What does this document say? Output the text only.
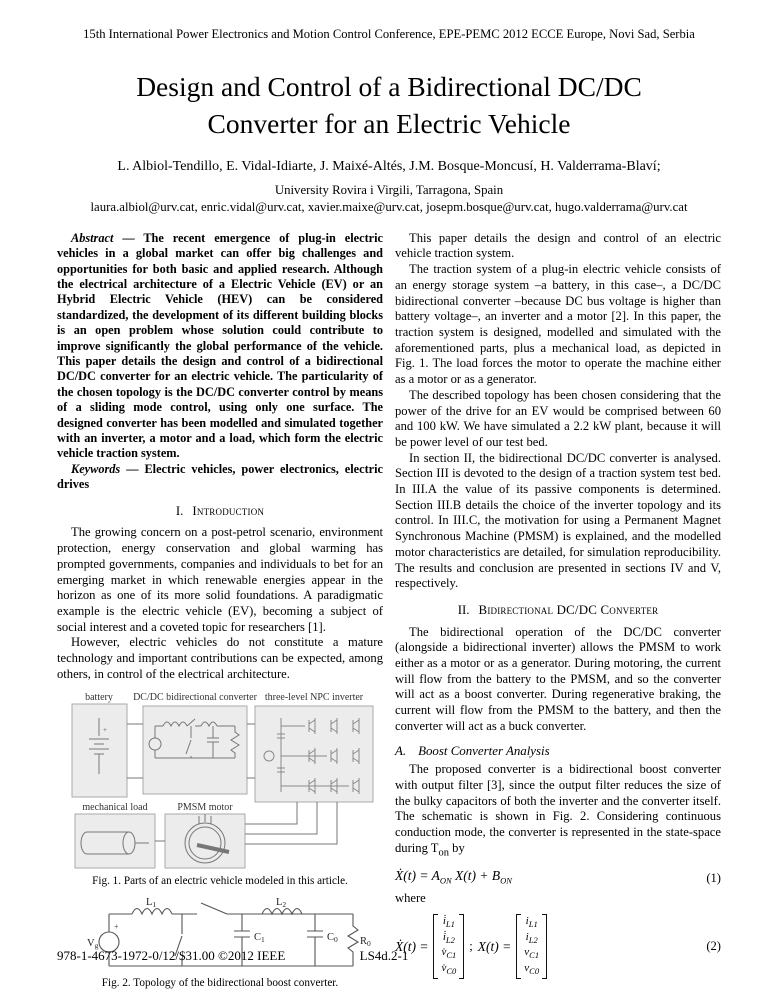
15th International Power Electronics and Motion Control Conference, EPE-PEMC 2012 ECCE Europe, Novi Sad, Serbia
Design and Control of a Bidirectional DC/DC
Converter for an Electric Vehicle
L. Albiol-Tendillo, E. Vidal-Idiarte, J. Maixé-Altés, J.M. Bosque-Moncusí, H. Valderrama-Blaví;
University Rovira i Virgili, Tarragona, Spain
laura.albiol@urv.cat, enric.vidal@urv.cat, xavier.maixe@urv.cat, josepm.bosque@urv.cat, hugo.valderrama@urv.cat

Abstract — The recent emergence of plug-in electric vehicles in a global market can offer big challenges and opportunities for both basic and applied research. Although the electrical architecture of a Electric Vehicle (EV) or an Hybrid Electric Vehicle (HEV) can be considered standardized, the development of its different building blocks is an open problem whose solution could contribute to improve significantly the global performance of the vehicle. This paper details the design and control of a bidirectional DC/DC converter for an electric vehicle. The particularity of the chosen topology is the DC/DC converter control by means of a sliding mode control, using only one surface. The designed converter has been modelled and simulated together with an inverter, a motor and a load, which form the electric vehicle traction system.

Keywords — Electric vehicles, power electronics, electric drives

I. Introduction

The growing concern on a post-petrol scenario, environment protection, energy conservation and global warming has prompted governments, companies and individuals to bet for an emerging market in which renewable energies appear in the horizon as one of its more solid foundations. A paradigmatic example is the electric vehicle (EV), becoming a subject of social interest and a coveted topic for researchers [1].

However, electric vehicles do not constitute a mature technology and important contributions can be expected, among others, in control of the electrical architecture.

battery DC/DC bidirectional converter three-level NPC inverter
mechanical load	PMSM motor
+
Fig. 1. Parts of an electric vehicle modeled in this article.
+
Vg
L1	L2
C1	C0 R0
Fig. 2. Topology of the bidirectional boost converter.

This paper details the design and control of an electric vehicle traction system.

The traction system of a plug-in electric vehicle consists of an energy storage system –a battery, in this case–, a DC/DC bidirectional converter –because DC bus voltage is higher than battery voltage–, an inverter and a motor [2]. In this paper, the traction system is designed, modelled and simulated with the aforementioned parts, plus a mechanical load, as depicted in Fig. 1. The load forces the motor to operate the machine either as a motor or as a generator.

The described topology has been chosen considering that the power of the drive for an EV would be comprised between 60 and 100 kW. We have simulated a 2.2 kW plant, because it will be power level of our test bed.

In section II, the bidirectional DC/DC converter is analysed. Section III is devoted to the design of a traction system test bed. In III.A the value of its passive components is determined. Section III.B details the choice of the inverter topology and its control. In III.C, the motivation for using a Permanent Magnet Synchronous Machine (PMSM) is explained, and the modelled motor characteristics are detailed, for simulation reproducibility. The results and conclusion are presented in sections IV and V, respectively.

II. Bidirectional DC/DC Converter

The bidirectional operation of the DC/DC converter (alongside a bidirectional inverter) allows the PMSM to work either as a motor or as a generator. During motoring, the current will flow from the battery to the PMSM, and so the converter will act as a boost converter. During regenerative braking, the current will flow from the PMSM to the battery, and then the converter will act as a buck converter.

A. Boost Converter Analysis

The proposed converter is a bidirectional boost converter with output filter [3], since the output filter reduces the size of the bulky capacitors of both the inverter and the converter itself. The schematic is shown in Fig. 2. Considering continuous conduction mode, the converter is represented in the state-space during $T_{on}$ by

Ẋ(t) = $A_{ON}$ $X(t) + B_{ON}$	(1)

where

Ẋ(t) =
$i̇_{L1}$
$i̇_{L2}$
$v̇_{C1}$
$v̇_{C0}$
; X(t) =
$i_{L1}$
$i_{L2}$
$v_{C1}$
$v_{C0}$
(2)
978-1-4673-1972-0/12/$31.00 ©2012 IEEE	LS4d.2-1
